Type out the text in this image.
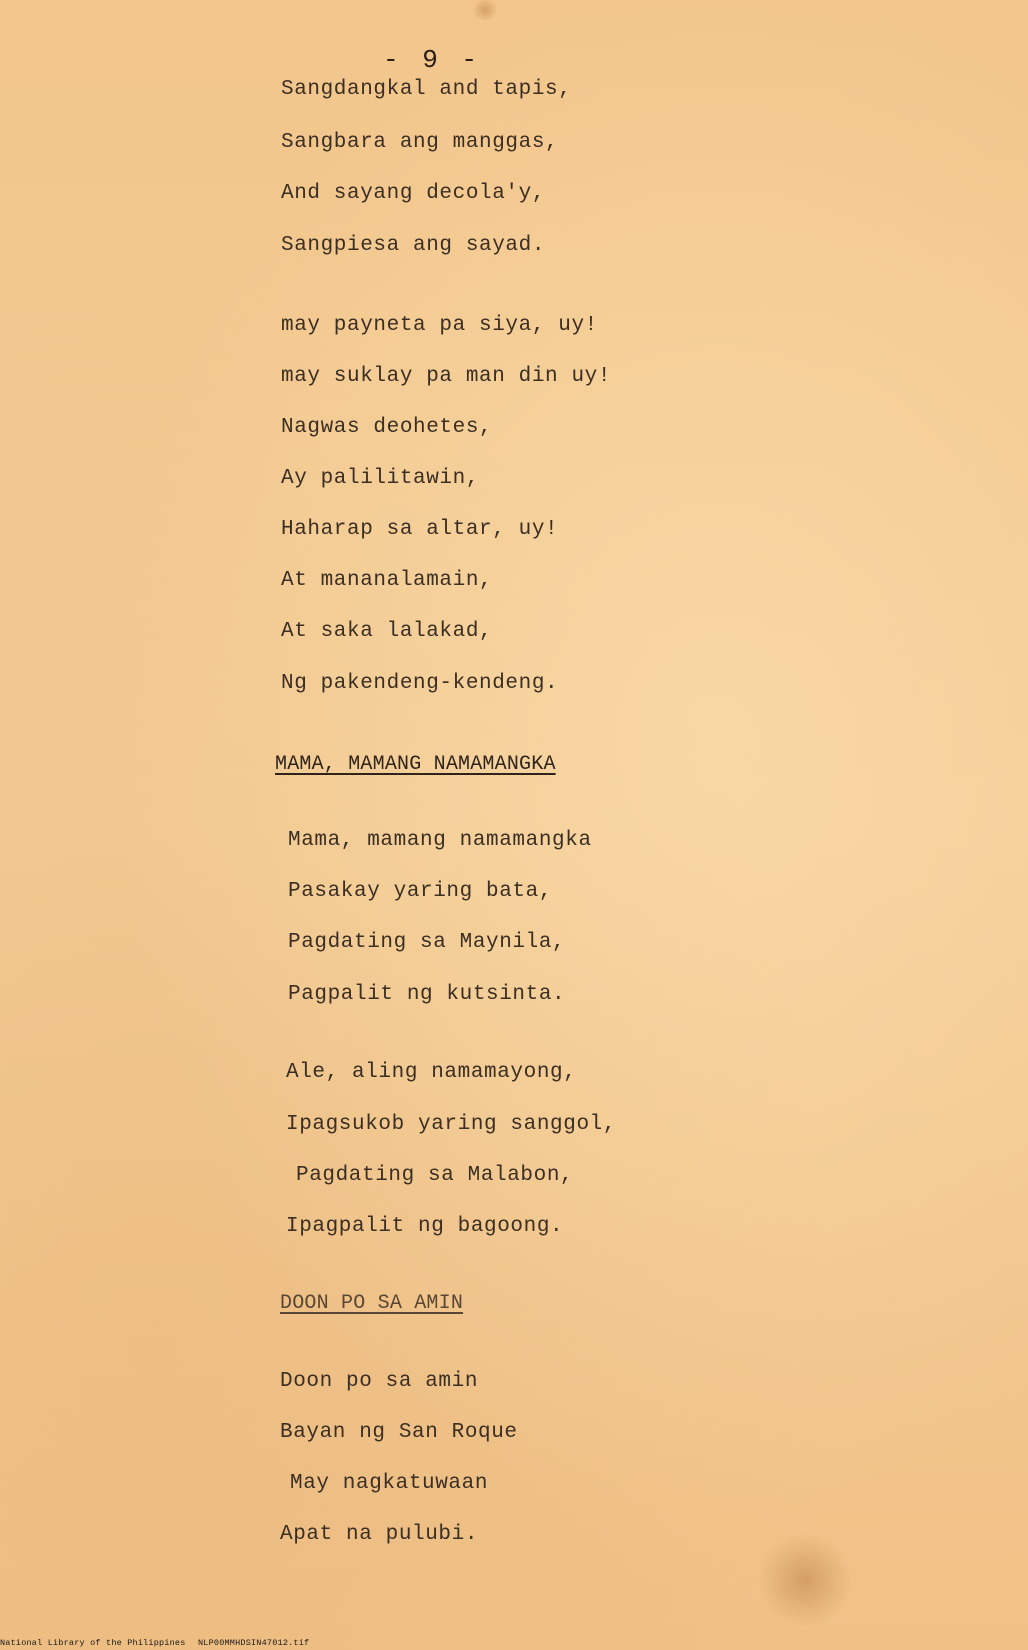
- 9 -
Sangdangkal and tapis,
Sangbara ang manggas,
And sayang decola'y,
Sangpiesa ang sayad.
may payneta pa siya, uy!
may suklay pa man din uy!
Nagwas deohetes,
Ay palilitawin,
Haharap sa altar, uy!
At mananalamain,
At saka lalakad,
Ng pakendeng-kendeng.
MAMA, MAMANG NAMAMANGKA
Mama, mamang namamangka
Pasakay yaring bata,
Pagdating sa Maynila,
Pagpalit ng kutsinta.
Ale, aling namamayong,
Ipagsukob yaring sanggol,
Pagdating sa Malabon,
Ipagpalit ng bagoong.
DOON PO SA AMIN
Doon po sa amin
Bayan ng San Roque
May nagkatuwaan
Apat na pulubi.
National Library of the Philippines NLP00MMHDSIN47012.tif
